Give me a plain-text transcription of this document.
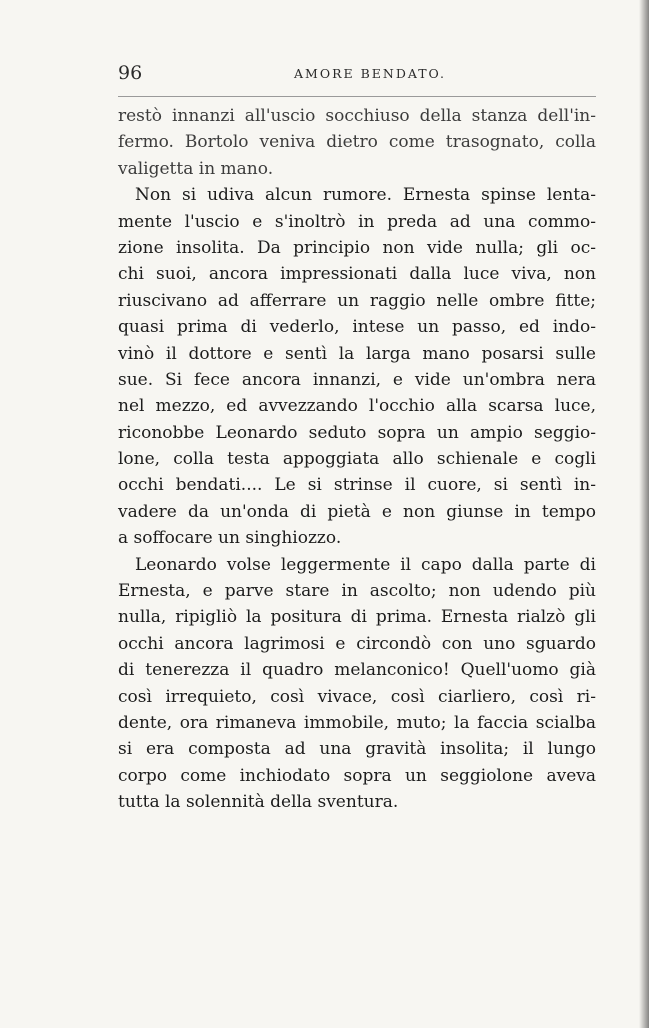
96	AMORE BENDATO.
restò innanzi all'uscio socchiuso della stanza dell'in-
fermo. Bortolo veniva dietro come trasognato, colla
valigetta in mano.
Non si udiva alcun rumore. Ernesta spinse lenta-
mente l'uscio e s'inoltrò in preda ad una commo-
zione insolita. Da principio non vide nulla; gli oc-
chi suoi, ancora impressionati dalla luce viva, non
riuscivano ad afferrare un raggio nelle ombre fitte;
quasi prima di vederlo, intese un passo, ed indo-
vinò il dottore e sentì la larga mano posarsi sulle
sue. Si fece ancora innanzi, e vide un'ombra nera
nel mezzo, ed avvezzando l'occhio alla scarsa luce,
riconobbe Leonardo seduto sopra un ampio seggio-
lone, colla testa appoggiata allo schienale e cogli
occhi bendati.... Le si strinse il cuore, si sentì in-
vadere da un'onda di pietà e non giunse in tempo
a soffocare un singhiozzo.
Leonardo volse leggermente il capo dalla parte di
Ernesta, e parve stare in ascolto; non udendo più
nulla, ripigliò la positura di prima. Ernesta rialzò gli
occhi ancora lagrimosi e circondò con uno sguardo
di tenerezza il quadro melanconico! Quell'uomo già
così irrequieto, così vivace, così ciarliero, così ri-
dente, ora rimaneva immobile, muto; la faccia scialba
si era composta ad una gravità insolita; il lungo
corpo come inchiodato sopra un seggiolone aveva
tutta la solennità della sventura.
